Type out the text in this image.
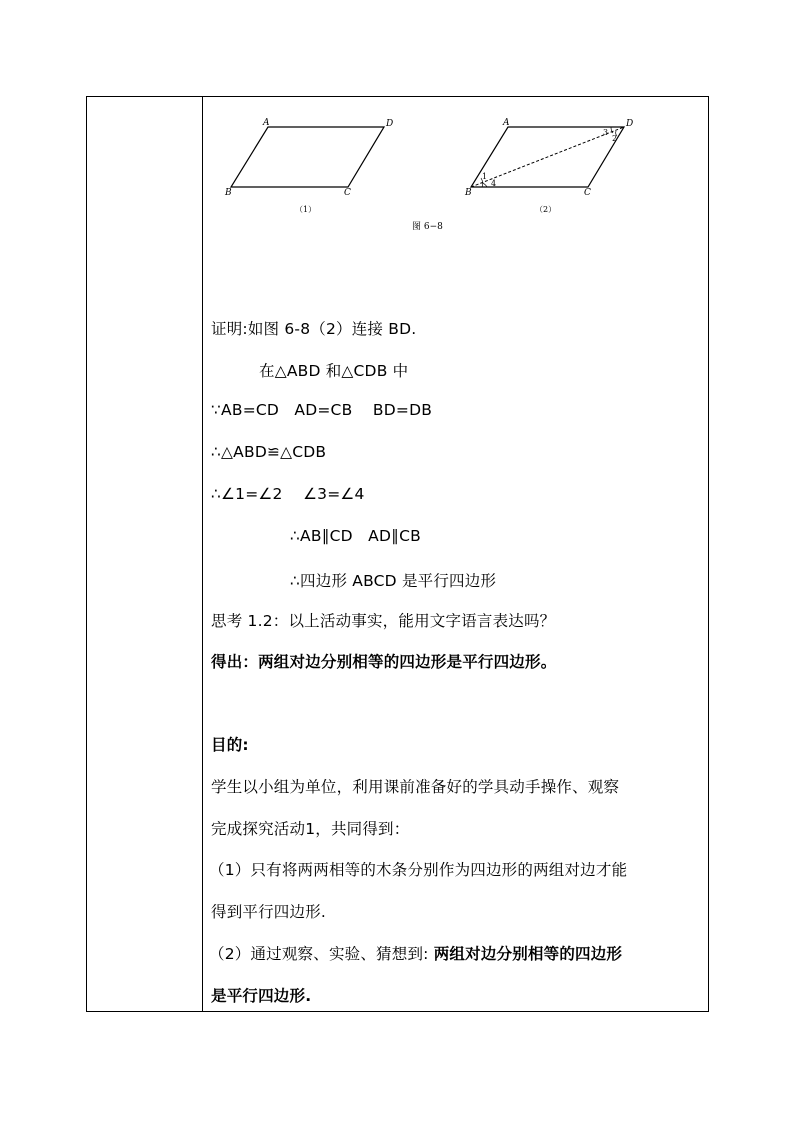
A	D
B	C
（1）
A	D
B	C
1
4
3
2
（2）
图 6−8
证明:如图 6-8（2）连接 BD.
在△ABD 和△CDB 中
∵AB=CD   AD=CB    BD=DB
∴△ABD≌△CDB
∴∠1=∠2    ∠3=∠4
∴AB∥CD   AD∥CB
∴四边形 ABCD 是平行四边形
思考 1.2：以上活动事实，能用文字语言表达吗？
得出：两组对边分别相等的四边形是平行四边形。
目的:
学生以小组为单位，利用课前准备好的学具动手操作、观察
完成探究活动1，共同得到：
（1）只有将两两相等的木条分别作为四边形的两组对边才能
得到平行四边形.
（2）通过观察、实验、猜想到: 两组对边分别相等的四边形
是平行四边形.
